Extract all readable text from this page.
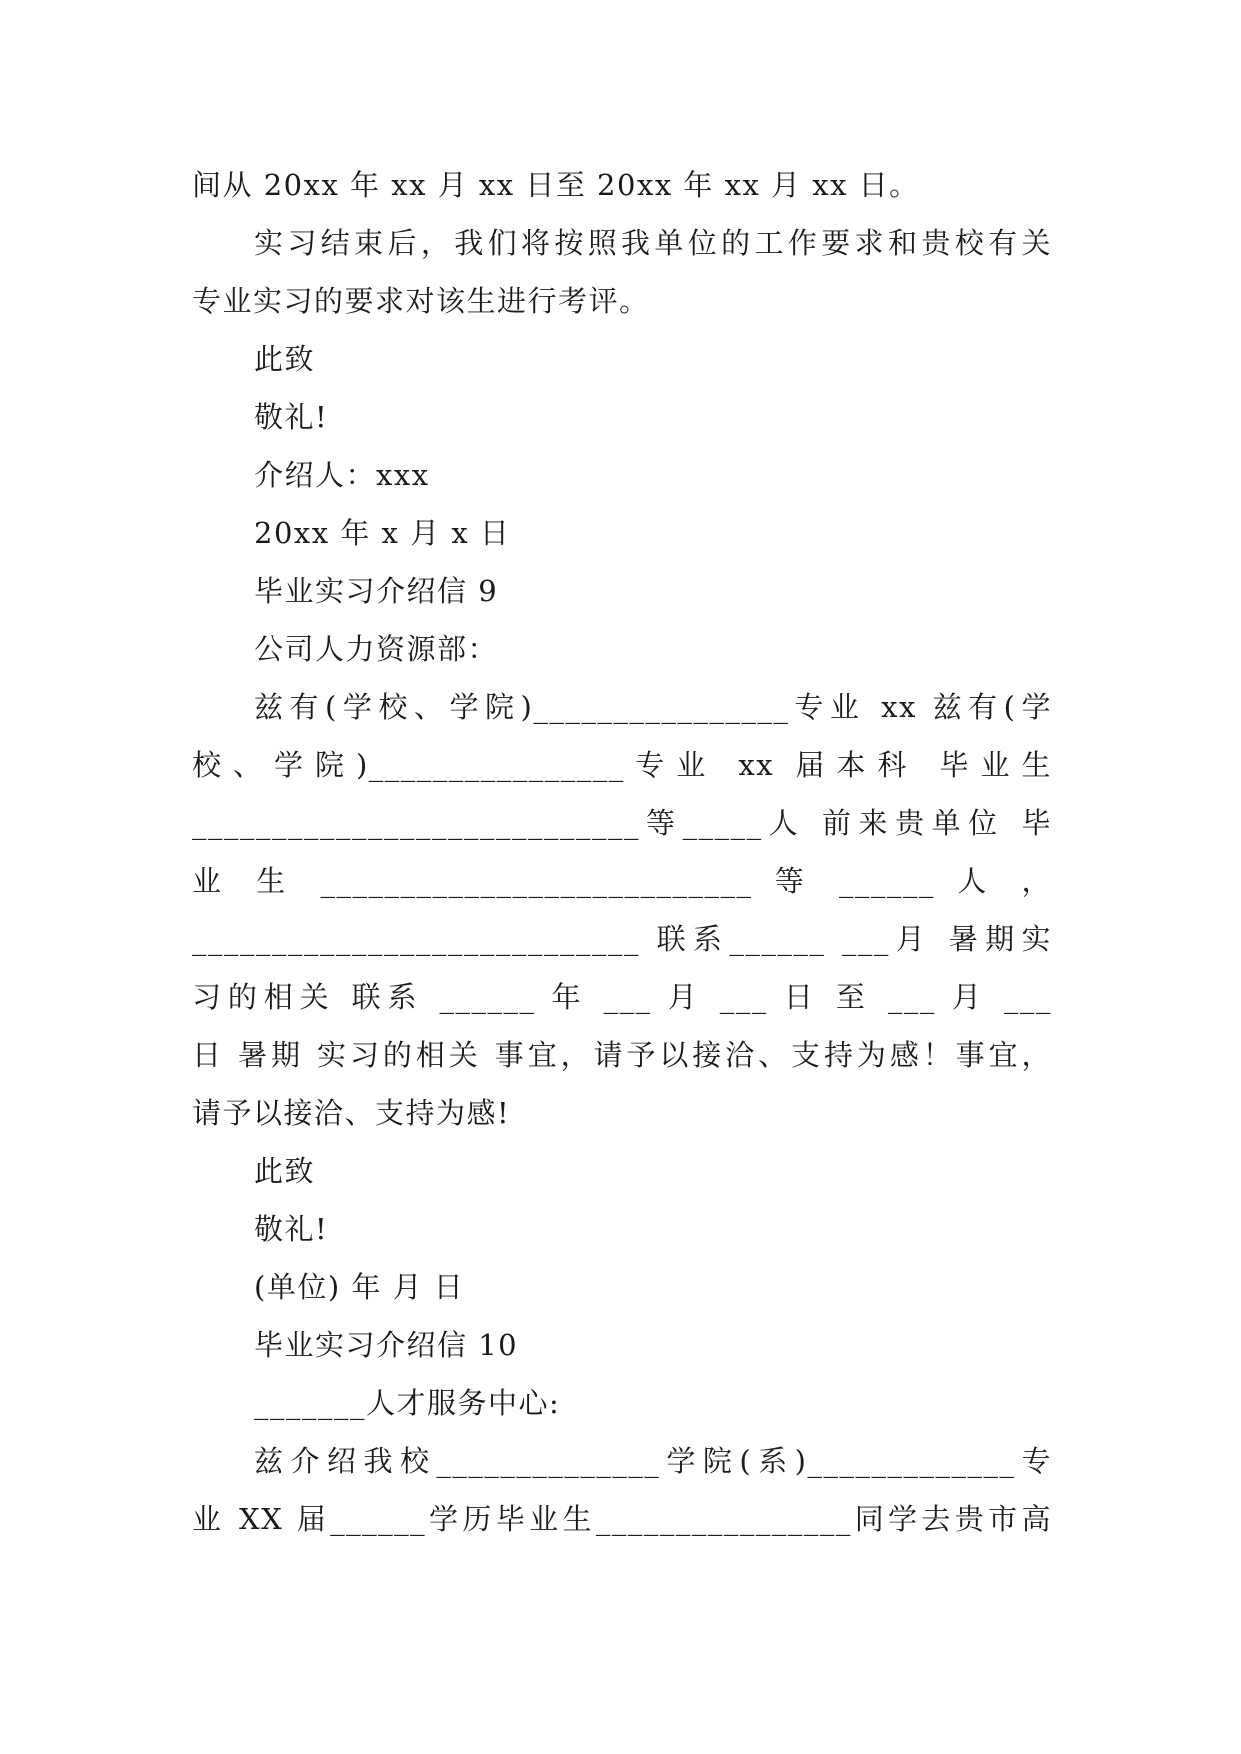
间从 20xx 年 xx 月 xx 日至 20xx 年 xx 月 xx 日。
实习结束后，我们将按照我单位的工作要求和贵校有关
专业实习的要求对该生进行考评。
此致
敬礼!
介绍人：xxx
20xx 年 x 月 x 日
毕业实习介绍信 9
公司人力资源部：
兹有(学校、学院)________________专业 xx 兹有(学
校、学院)________________专业 xx 届本科 毕业生
____________________________等_____人 前来贵单位 毕
业 生 ___________________________ 等 ______ 人 ，
____________________________ 联系______ ___月 暑期实
习的相关 联系 ______ 年 ___ 月 ___ 日 至 ___ 月 ___
日 暑期 实习的相关 事宜，请予以接洽、支持为感！事宜，
请予以接洽、支持为感!
此致
敬礼!
(单位) 年 月 日
毕业实习介绍信 10
_______人才服务中心:
兹介绍我校______________学院(系)_____________专
业 XX 届______学历毕业生________________同学去贵市高
